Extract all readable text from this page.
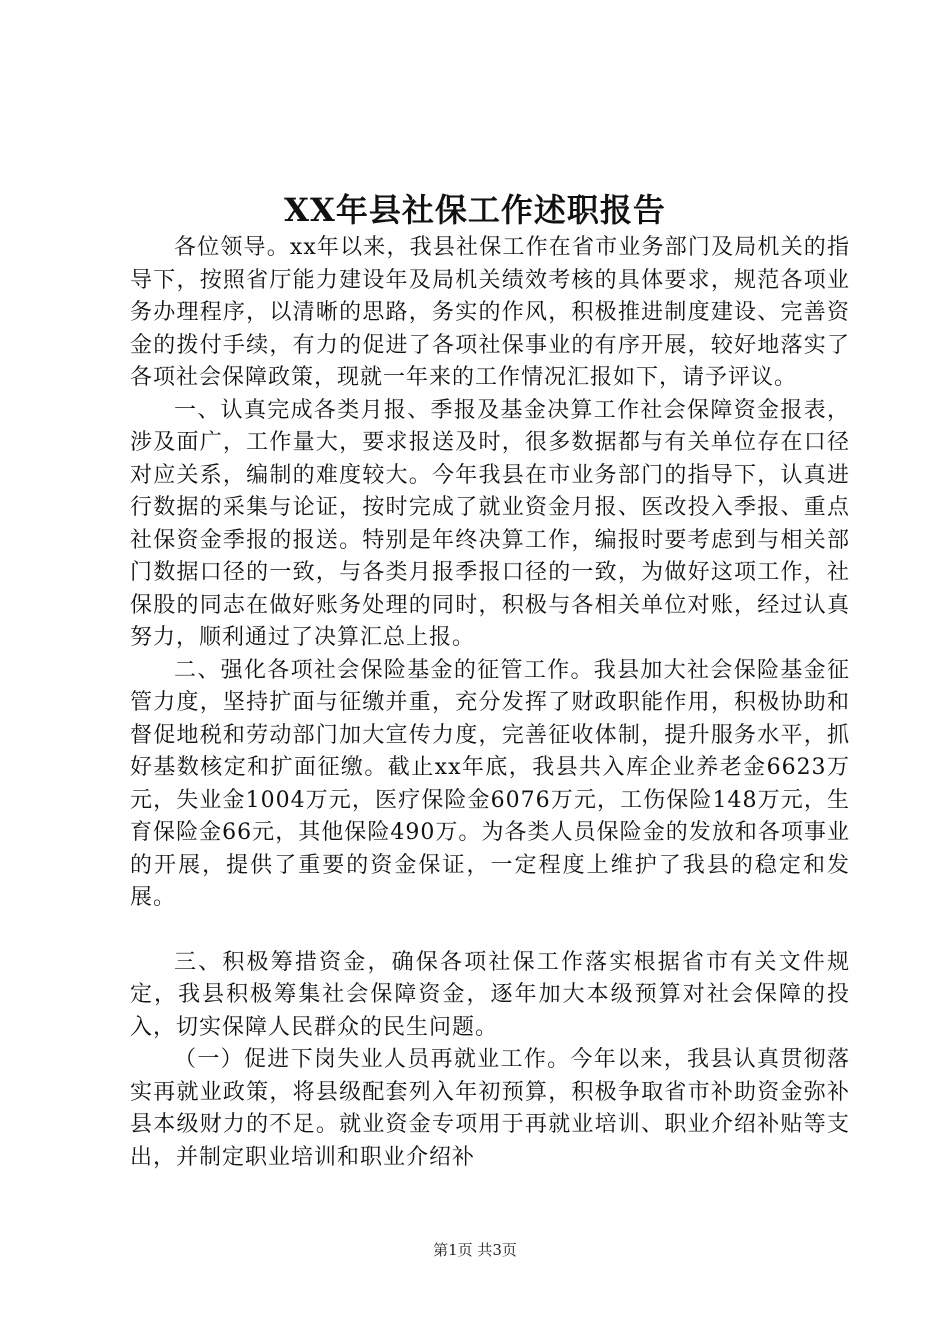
XX年县社保工作述职报告

各位领导。xx年以来，我县社保工作在省市业务部门及局机关的指导下，按照省厅能力建设年及局机关绩效考核的具体要求，规范各项业务办理程序，以清晰的思路，务实的作风，积极推进制度建设、完善资金的拨付手续，有力的促进了各项社保事业的有序开展，较好地落实了各项社会保障政策，现就一年来的工作情况汇报如下，请予评议。

一、认真完成各类月报、季报及基金决算工作社会保障资金报表，涉及面广，工作量大，要求报送及时，很多数据都与有关单位存在口径对应关系，编制的难度较大。今年我县在市业务部门的指导下，认真进行数据的采集与论证，按时完成了就业资金月报、医改投入季报、重点社保资金季报的报送。特别是年终决算工作，编报时要考虑到与相关部门数据口径的一致，与各类月报季报口径的一致，为做好这项工作，社保股的同志在做好账务处理的同时，积极与各相关单位对账，经过认真努力，顺利通过了决算汇总上报。

二、强化各项社会保险基金的征管工作。我县加大社会保险基金征管力度，坚持扩面与征缴并重，充分发挥了财政职能作用，积极协助和督促地税和劳动部门加大宣传力度，完善征收体制，提升服务水平，抓好基数核定和扩面征缴。截止xx年底，我县共入库企业养老金6623万元，失业金1004万元，医疗保险金6076万元，工伤保险148万元，生育保险金66元，其他保险490万。为各类人员保险金的发放和各项事业的开展，提供了重要的资金保证，一定程度上维护了我县的稳定和发展。

三、积极筹措资金，确保各项社保工作落实根据省市有关文件规定，我县积极筹集社会保障资金，逐年加大本级预算对社会保障的投入，切实保障人民群众的民生问题。

（一）促进下岗失业人员再就业工作。今年以来，我县认真贯彻落实再就业政策，将县级配套列入年初预算，积极争取省市补助资金弥补县本级财力的不足。就业资金专项用于再就业培训、职业介绍补贴等支出，并制定职业培训和职业介绍补

第1页 共3页
